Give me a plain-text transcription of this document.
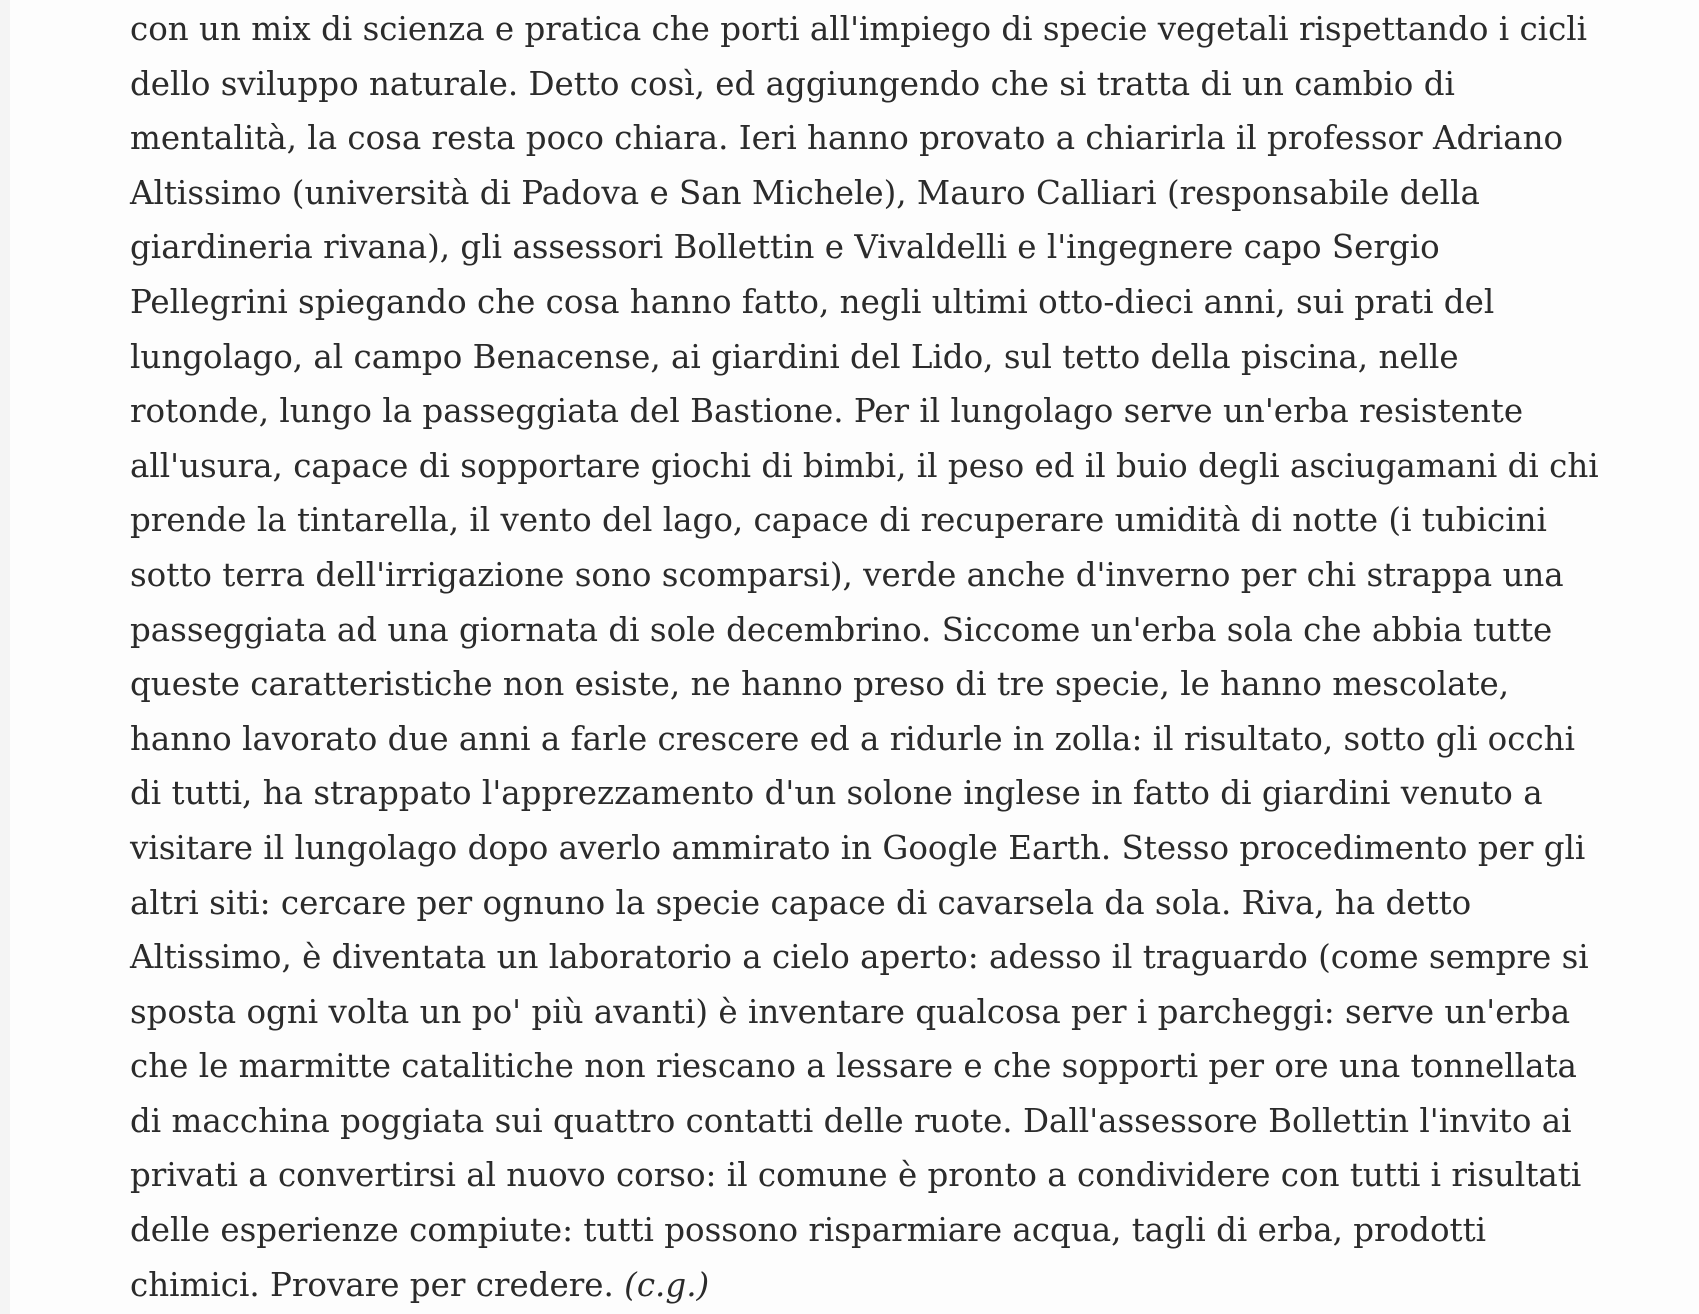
con un mix di scienza e pratica che porti all'impiego di specie vegetali rispettando i cicli
dello sviluppo naturale. Detto così, ed aggiungendo che si tratta di un cambio di
mentalità, la cosa resta poco chiara. Ieri hanno provato a chiarirla il professor Adriano
Altissimo (università di Padova e San Michele), Mauro Calliari (responsabile della
giardineria rivana), gli assessori Bollettin e Vivaldelli e l'ingegnere capo Sergio
Pellegrini spiegando che cosa hanno fatto, negli ultimi otto-dieci anni, sui prati del
lungolago, al campo Benacense, ai giardini del Lido, sul tetto della piscina, nelle
rotonde, lungo la passeggiata del Bastione. Per il lungolago serve un'erba resistente
all'usura, capace di sopportare giochi di bimbi, il peso ed il buio degli asciugamani di chi
prende la tintarella, il vento del lago, capace di recuperare umidità di notte (i tubicini
sotto terra dell'irrigazione sono scomparsi), verde anche d'inverno per chi strappa una
passeggiata ad una giornata di sole decembrino. Siccome un'erba sola che abbia tutte
queste caratteristiche non esiste, ne hanno preso di tre specie, le hanno mescolate,
hanno lavorato due anni a farle crescere ed a ridurle in zolla: il risultato, sotto gli occhi
di tutti, ha strappato l'apprezzamento d'un solone inglese in fatto di giardini venuto a
visitare il lungolago dopo averlo ammirato in Google Earth. Stesso procedimento per gli
altri siti: cercare per ognuno la specie capace di cavarsela da sola. Riva, ha detto
Altissimo, è diventata un laboratorio a cielo aperto: adesso il traguardo (come sempre si
sposta ogni volta un po' più avanti) è inventare qualcosa per i parcheggi: serve un'erba
che le marmitte catalitiche non riescano a lessare e che sopporti per ore una tonnellata
di macchina poggiata sui quattro contatti delle ruote. Dall'assessore Bollettin l'invito ai
privati a convertirsi al nuovo corso: il comune è pronto a condividere con tutti i risultati
delle esperienze compiute: tutti possono risparmiare acqua, tagli di erba, prodotti
chimici. Provare per credere. (c.g.)
